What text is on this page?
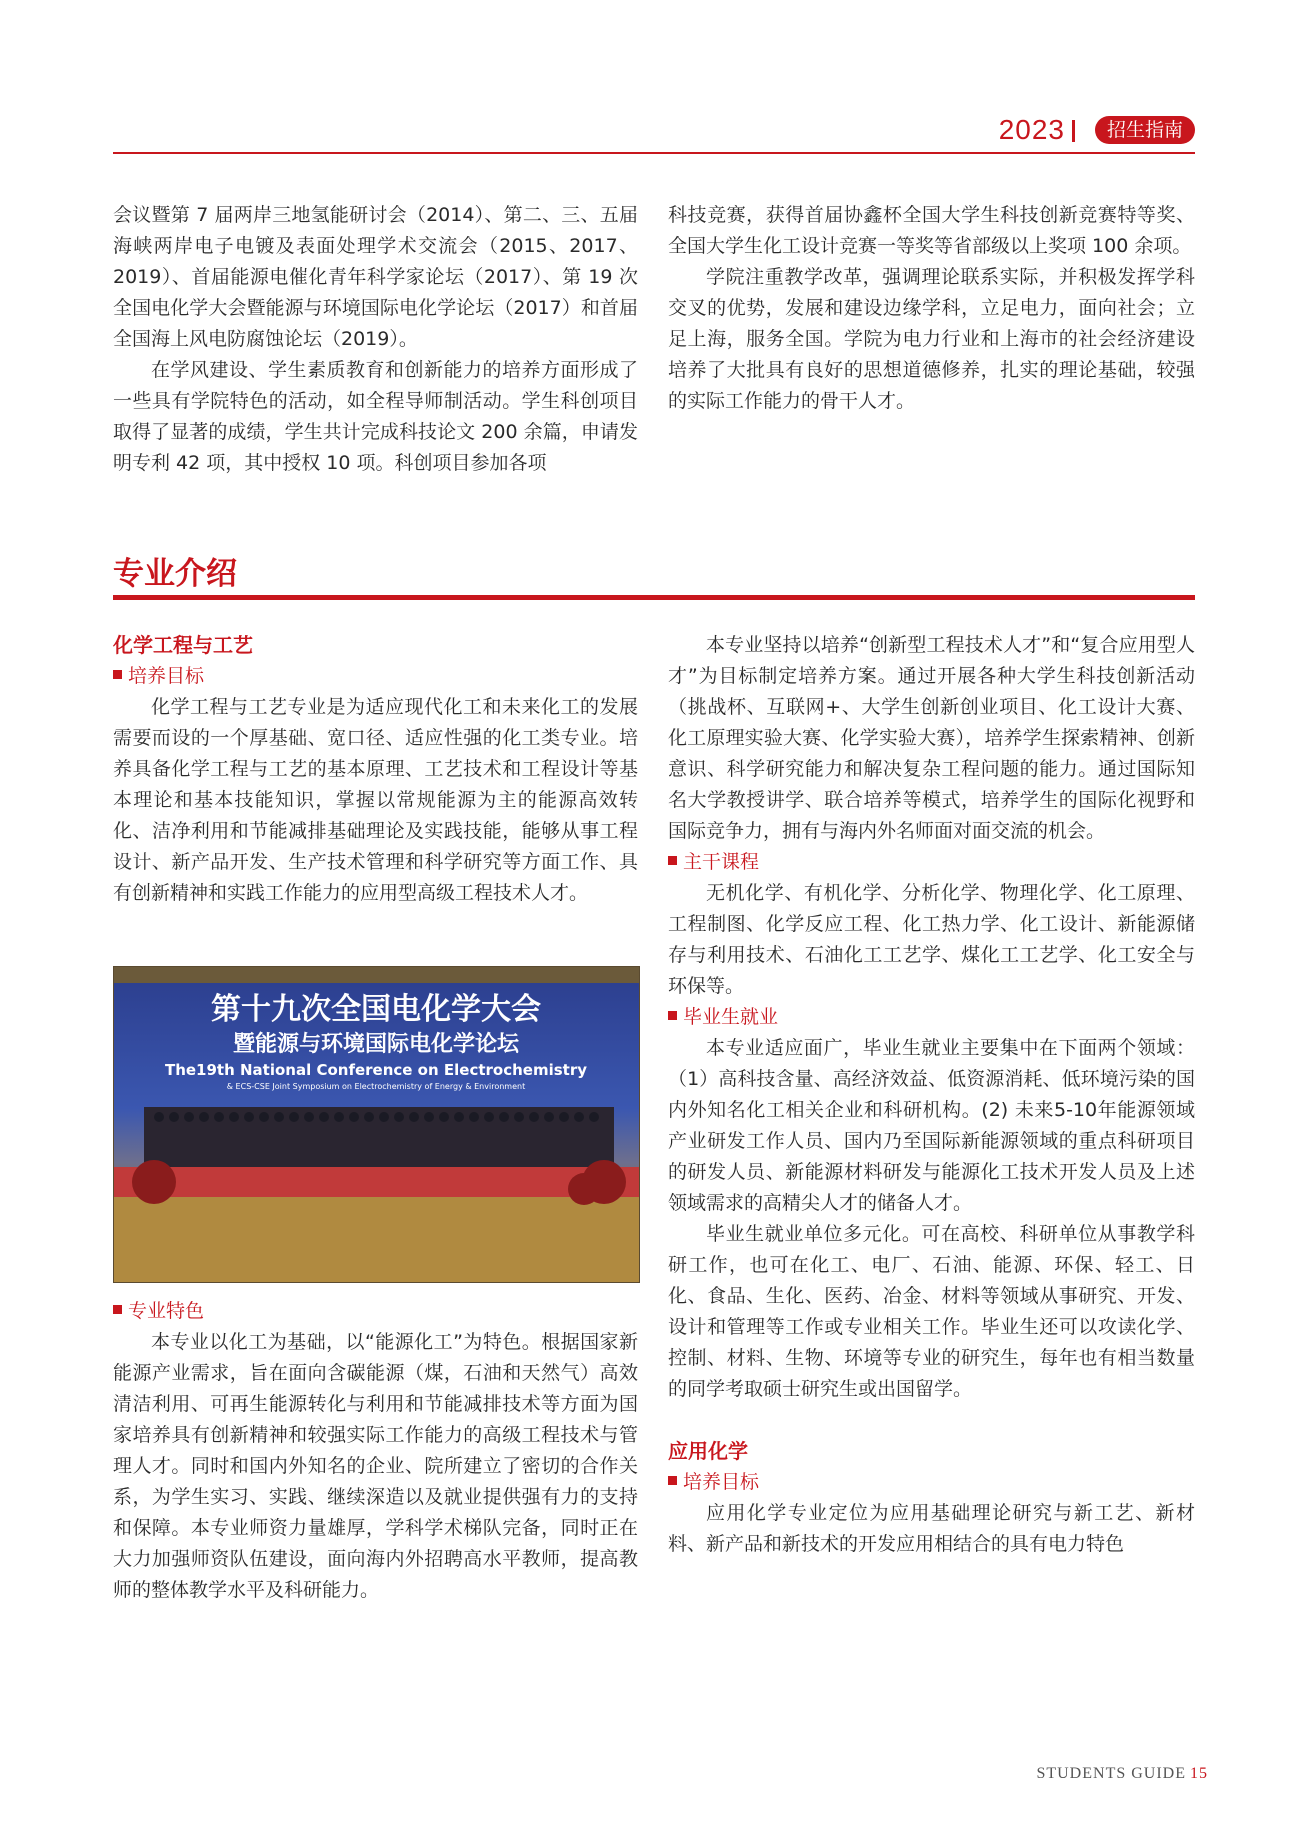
2023	招生指南

会议暨第 7 届两岸三地氢能研讨会（2014）、第二、三、五届海峡两岸电子电镀及表面处理学术交流会（2015、2017、2019）、首届能源电催化青年科学家论坛（2017）、第 19 次全国电化学大会暨能源与环境国际电化学论坛（2017）和首届全国海上风电防腐蚀论坛（2019）。

在学风建设、学生素质教育和创新能力的培养方面形成了一些具有学院特色的活动，如全程导师制活动。学生科创项目取得了显著的成绩，学生共计完成科技论文 200 余篇，申请发明专利 42 项，其中授权 10 项。科创项目参加各项

科技竞赛，获得首届协鑫杯全国大学生科技创新竞赛特等奖、全国大学生化工设计竞赛一等奖等省部级以上奖项 100 余项。

学院注重教学改革，强调理论联系实际，并积极发挥学科交叉的优势，发展和建设边缘学科，立足电力，面向社会；立足上海，服务全国。学院为电力行业和上海市的社会经济建设培养了大批具有良好的思想道德修养，扎实的理论基础，较强的实际工作能力的骨干人才。

专业介绍

化学工程与工艺

培养目标

化学工程与工艺专业是为适应现代化工和未来化工的发展需要而设的一个厚基础、宽口径、适应性强的化工类专业。培养具备化学工程与工艺的基本原理、工艺技术和工程设计等基本理论和基本技能知识，掌握以常规能源为主的能源高效转化、洁净利用和节能减排基础理论及实践技能，能够从事工程设计、新产品开发、生产技术管理和科学研究等方面工作、具有创新精神和实践工作能力的应用型高级工程技术人才。

第十九次全国电化学大会
暨能源与环境国际电化学论坛
The19th National Conference on Electrochemistry
& ECS-CSE Joint Symposium on Electrochemistry of Energy & Environment

专业特色

本专业以化工为基础，以“能源化工”为特色。根据国家新能源产业需求，旨在面向含碳能源（煤，石油和天然气）高效清洁利用、可再生能源转化与利用和节能减排技术等方面为国家培养具有创新精神和较强实际工作能力的高级工程技术与管理人才。同时和国内外知名的企业、院所建立了密切的合作关系，为学生实习、实践、继续深造以及就业提供强有力的支持和保障。本专业师资力量雄厚，学科学术梯队完备，同时正在大力加强师资队伍建设，面向海内外招聘高水平教师，提高教师的整体教学水平及科研能力。

本专业坚持以培养“创新型工程技术人才”和“复合应用型人才”为目标制定培养方案。通过开展各种大学生科技创新活动（挑战杯、互联网+、大学生创新创业项目、化工设计大赛、化工原理实验大赛、化学实验大赛），培养学生探索精神、创新意识、科学研究能力和解决复杂工程问题的能力。通过国际知名大学教授讲学、联合培养等模式，培养学生的国际化视野和国际竞争力，拥有与海内外名师面对面交流的机会。

主干课程

无机化学、有机化学、分析化学、物理化学、化工原理、工程制图、化学反应工程、化工热力学、化工设计、新能源储存与利用技术、石油化工工艺学、煤化工工艺学、化工安全与环保等。

毕业生就业

本专业适应面广，毕业生就业主要集中在下面两个领域：（1）高科技含量、高经济效益、低资源消耗、低环境污染的国内外知名化工相关企业和科研机构。(2) 未来5-10年能源领域产业研发工作人员、国内乃至国际新能源领域的重点科研项目的研发人员、新能源材料研发与能源化工技术开发人员及上述领域需求的高精尖人才的储备人才。

毕业生就业单位多元化。可在高校、科研单位从事教学科研工作，也可在化工、电厂、石油、能源、环保、轻工、日化、食品、生化、医药、冶金、材料等领域从事研究、开发、设计和管理等工作或专业相关工作。毕业生还可以攻读化学、控制、材料、生物、环境等专业的研究生，每年也有相当数量的同学考取硕士研究生或出国留学。

应用化学

培养目标

应用化学专业定位为应用基础理论研究与新工艺、新材料、新产品和新技术的开发应用相结合的具有电力特色

STUDENTS GUIDE 15
